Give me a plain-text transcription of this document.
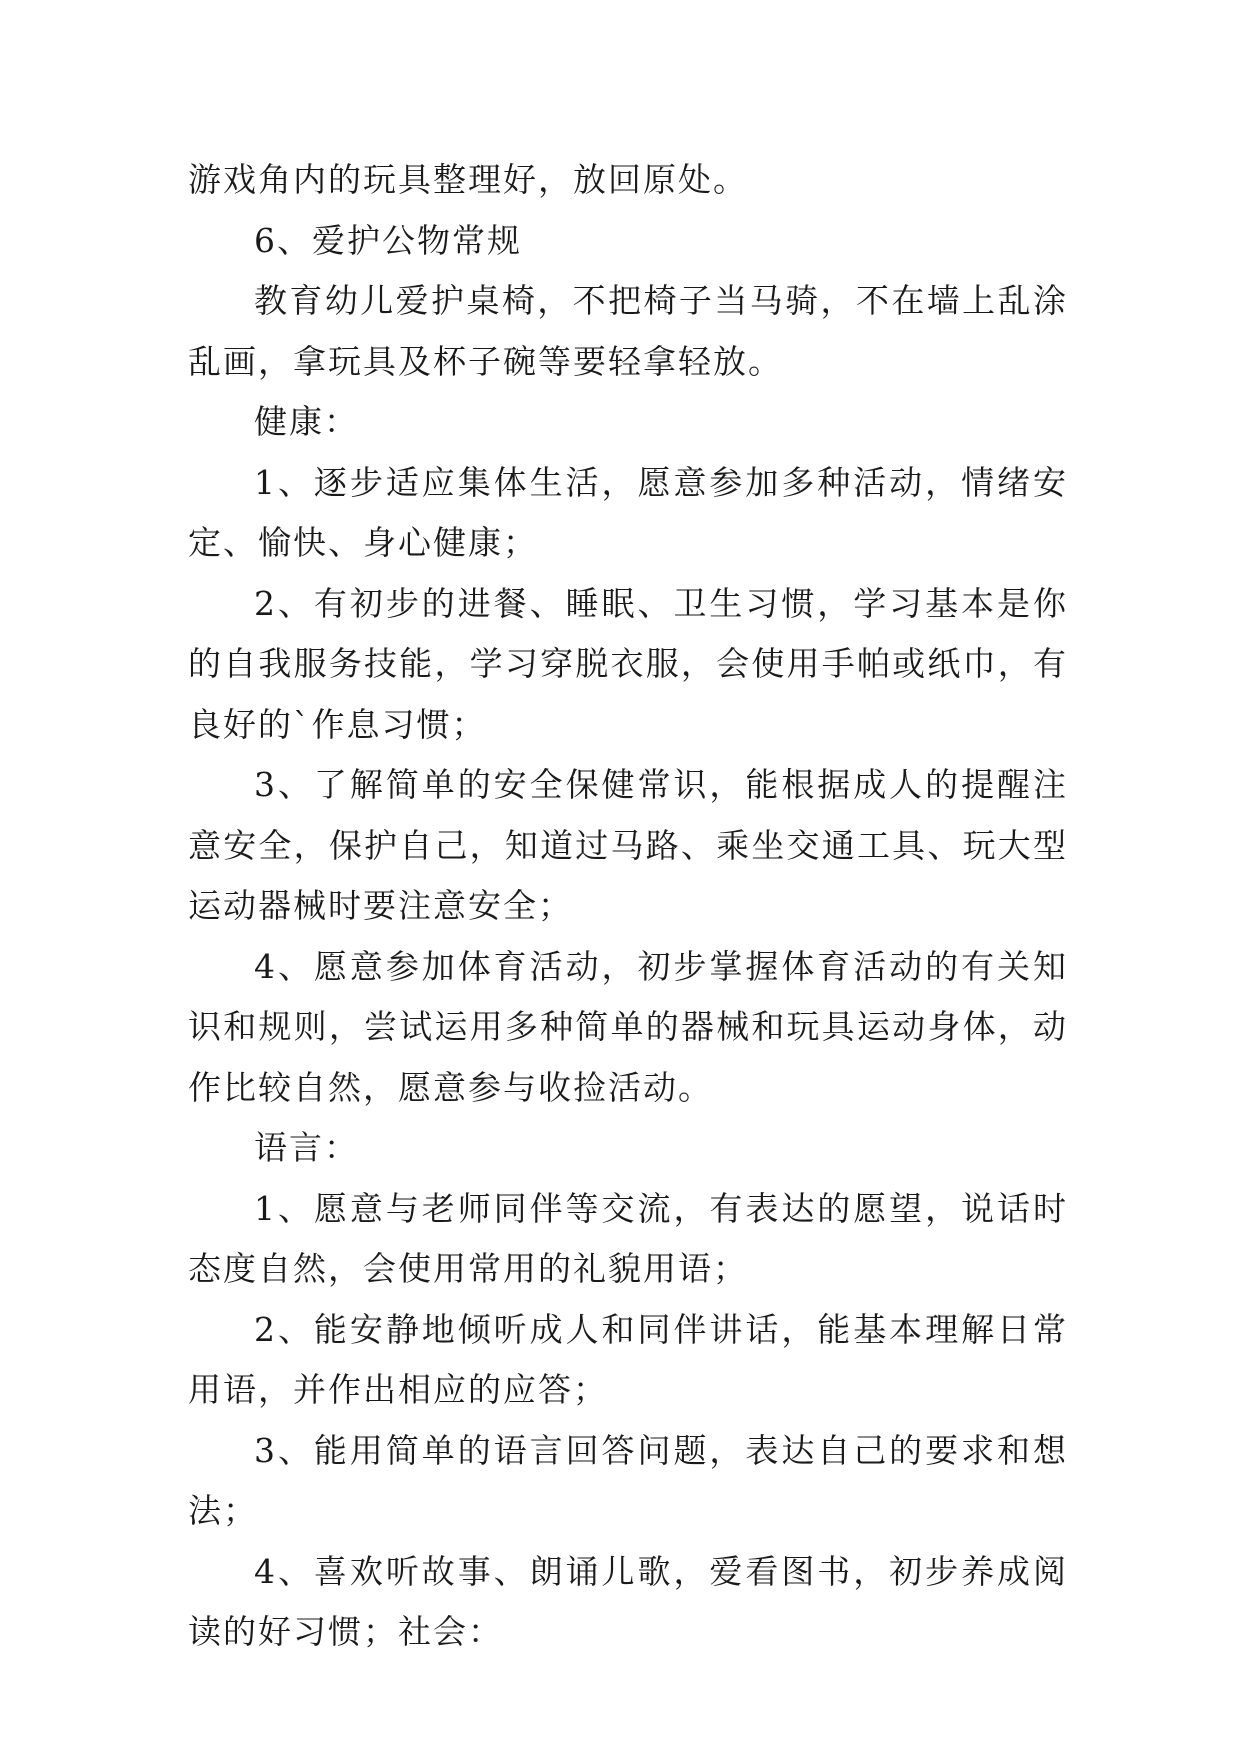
游戏角内的玩具整理好，放回原处。

6、爱护公物常规

教育幼儿爱护桌椅，不把椅子当马骑，不在墙上乱涂乱画，拿玩具及杯子碗等要轻拿轻放。

健康：

1、逐步适应集体生活，愿意参加多种活动，情绪安定、愉快、身心健康；

2、有初步的进餐、睡眠、卫生习惯，学习基本是你的自我服务技能，学习穿脱衣服，会使用手帕或纸巾，有良好的`作息习惯；

3、了解简单的安全保健常识，能根据成人的提醒注意安全，保护自己，知道过马路、乘坐交通工具、玩大型运动器械时要注意安全；

4、愿意参加体育活动，初步掌握体育活动的有关知识和规则，尝试运用多种简单的器械和玩具运动身体，动作比较自然，愿意参与收捡活动。

语言：

1、愿意与老师同伴等交流，有表达的愿望，说话时态度自然，会使用常用的礼貌用语；

2、能安静地倾听成人和同伴讲话，能基本理解日常用语，并作出相应的应答；

3、能用简单的语言回答问题，表达自己的要求和想法；

4、喜欢听故事、朗诵儿歌，爱看图书，初步养成阅读的好习惯；社会：
